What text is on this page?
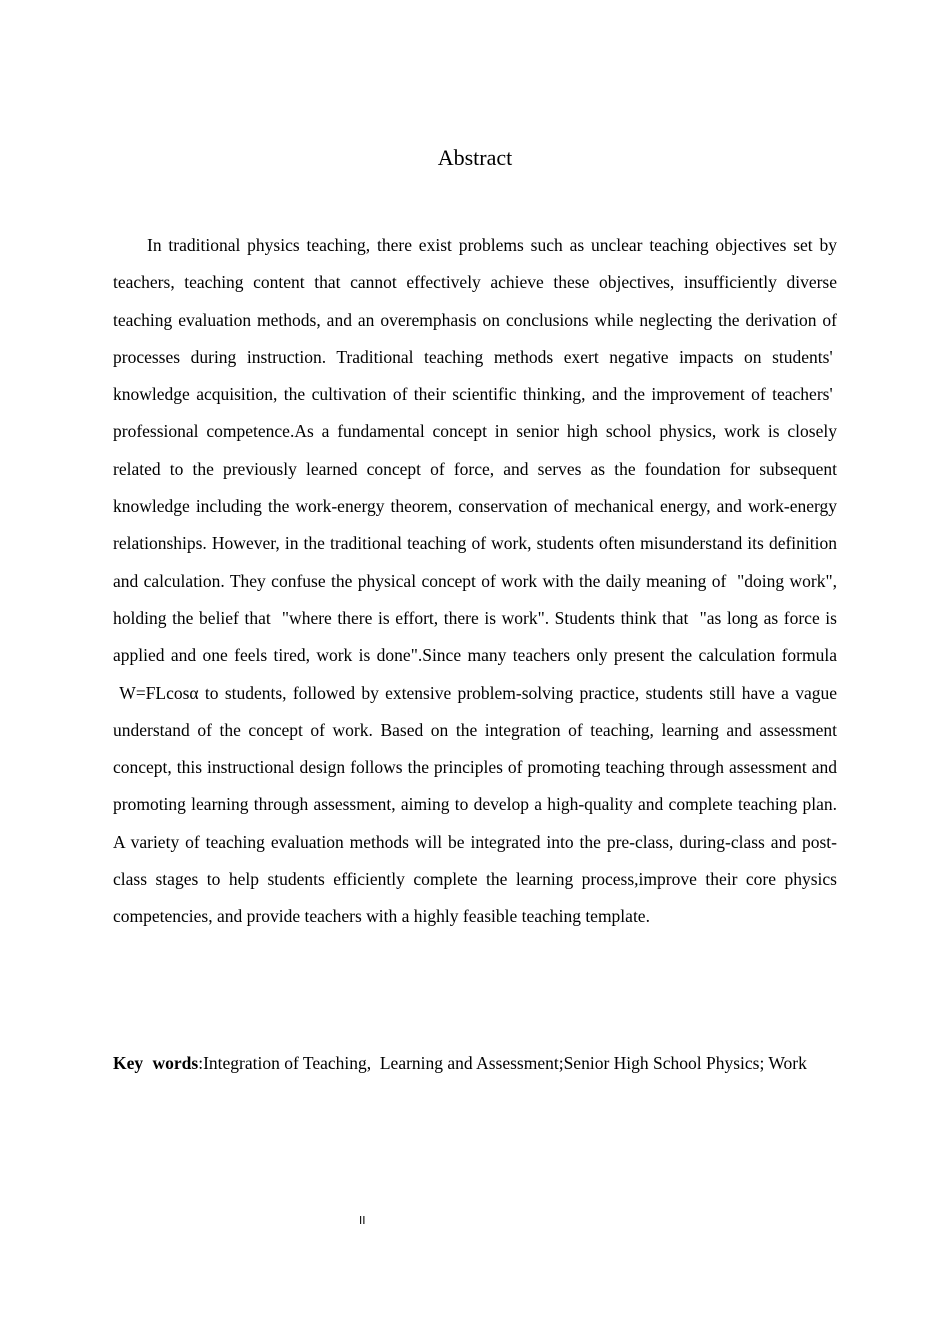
Abstract

In traditional physics teaching, there exist problems such as unclear teaching objectives set by teachers, teaching content that cannot effectively achieve these objectives, insufficiently diverse teaching evaluation methods, and an overemphasis on conclusions while neglecting the derivation of processes during instruction. Traditional teaching methods exert negative impacts on students'  knowledge acquisition, the cultivation of their scientific thinking, and the improvement of teachers'  professional competence.As a fundamental concept in senior high school physics, work is closely related to the previously learned concept of force, and serves as the foundation for subsequent knowledge including the work-energy theorem, conservation of mechanical energy, and work-energy relationships. However, in the traditional teaching of work, students often misunderstand its definition and calculation. They confuse the physical concept of work with the daily meaning of  "doing work", holding the belief that  "where there is effort, there is work". Students think that  "as long as force is applied and one feels tired, work is done".Since many teachers only present the calculation formula  W=FLcosα to students, followed by extensive problem-solving practice, students still have a vague understand of the concept of work. Based on the integration of teaching, learning and assessment concept, this instructional design follows the principles of promoting teaching through assessment and promoting learning through assessment, aiming to develop a high-quality and complete teaching plan. A variety of teaching evaluation methods will be integrated into the pre-class, during-class and post-class stages to help students efficiently complete the learning process,improve their core physics competencies, and provide teachers with a highly feasible teaching template.

Key words:Integration of Teaching,  Learning and Assessment;Senior High School Physics; Work

II
